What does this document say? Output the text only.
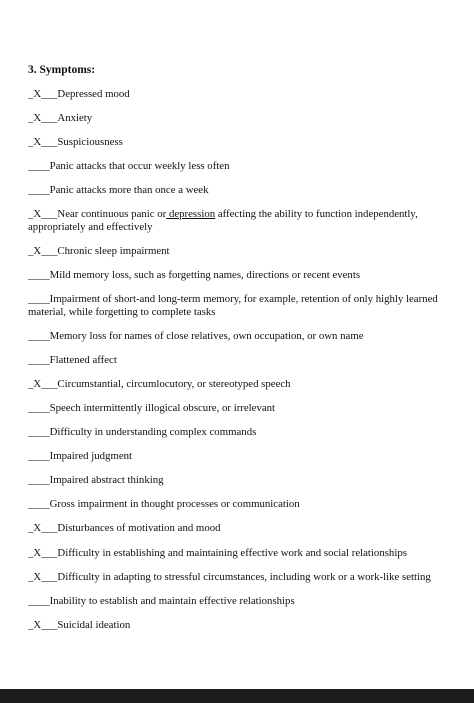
3. Symptoms:
_X___Depressed mood
_X___Anxiety
_X___Suspiciousness
____Panic attacks that occur weekly less often
____Panic attacks more than once a week
_X___Near continuous panic or depression affecting the ability to function independently, appropriately and effectively
_X___Chronic sleep impairment
____Mild memory loss, such as forgetting names, directions or recent events
____Impairment of short-and long-term memory, for example, retention of only highly learned material, while forgetting to complete tasks
____Memory loss for names of close relatives, own occupation, or own name
____Flattened affect
_X___Circumstantial, circumlocutory, or stereotyped speech
____Speech intermittently illogical obscure, or irrelevant
____Difficulty in understanding complex commands
____Impaired judgment
____Impaired abstract thinking
____Gross impairment in thought processes or communication
_X___Disturbances of motivation and mood
_X___Difficulty in establishing and maintaining effective work and social relationships
_X___Difficulty in adapting to stressful circumstances, including work or a work-like setting
____Inability to establish and maintain effective relationships
_X___Suicidal ideation
